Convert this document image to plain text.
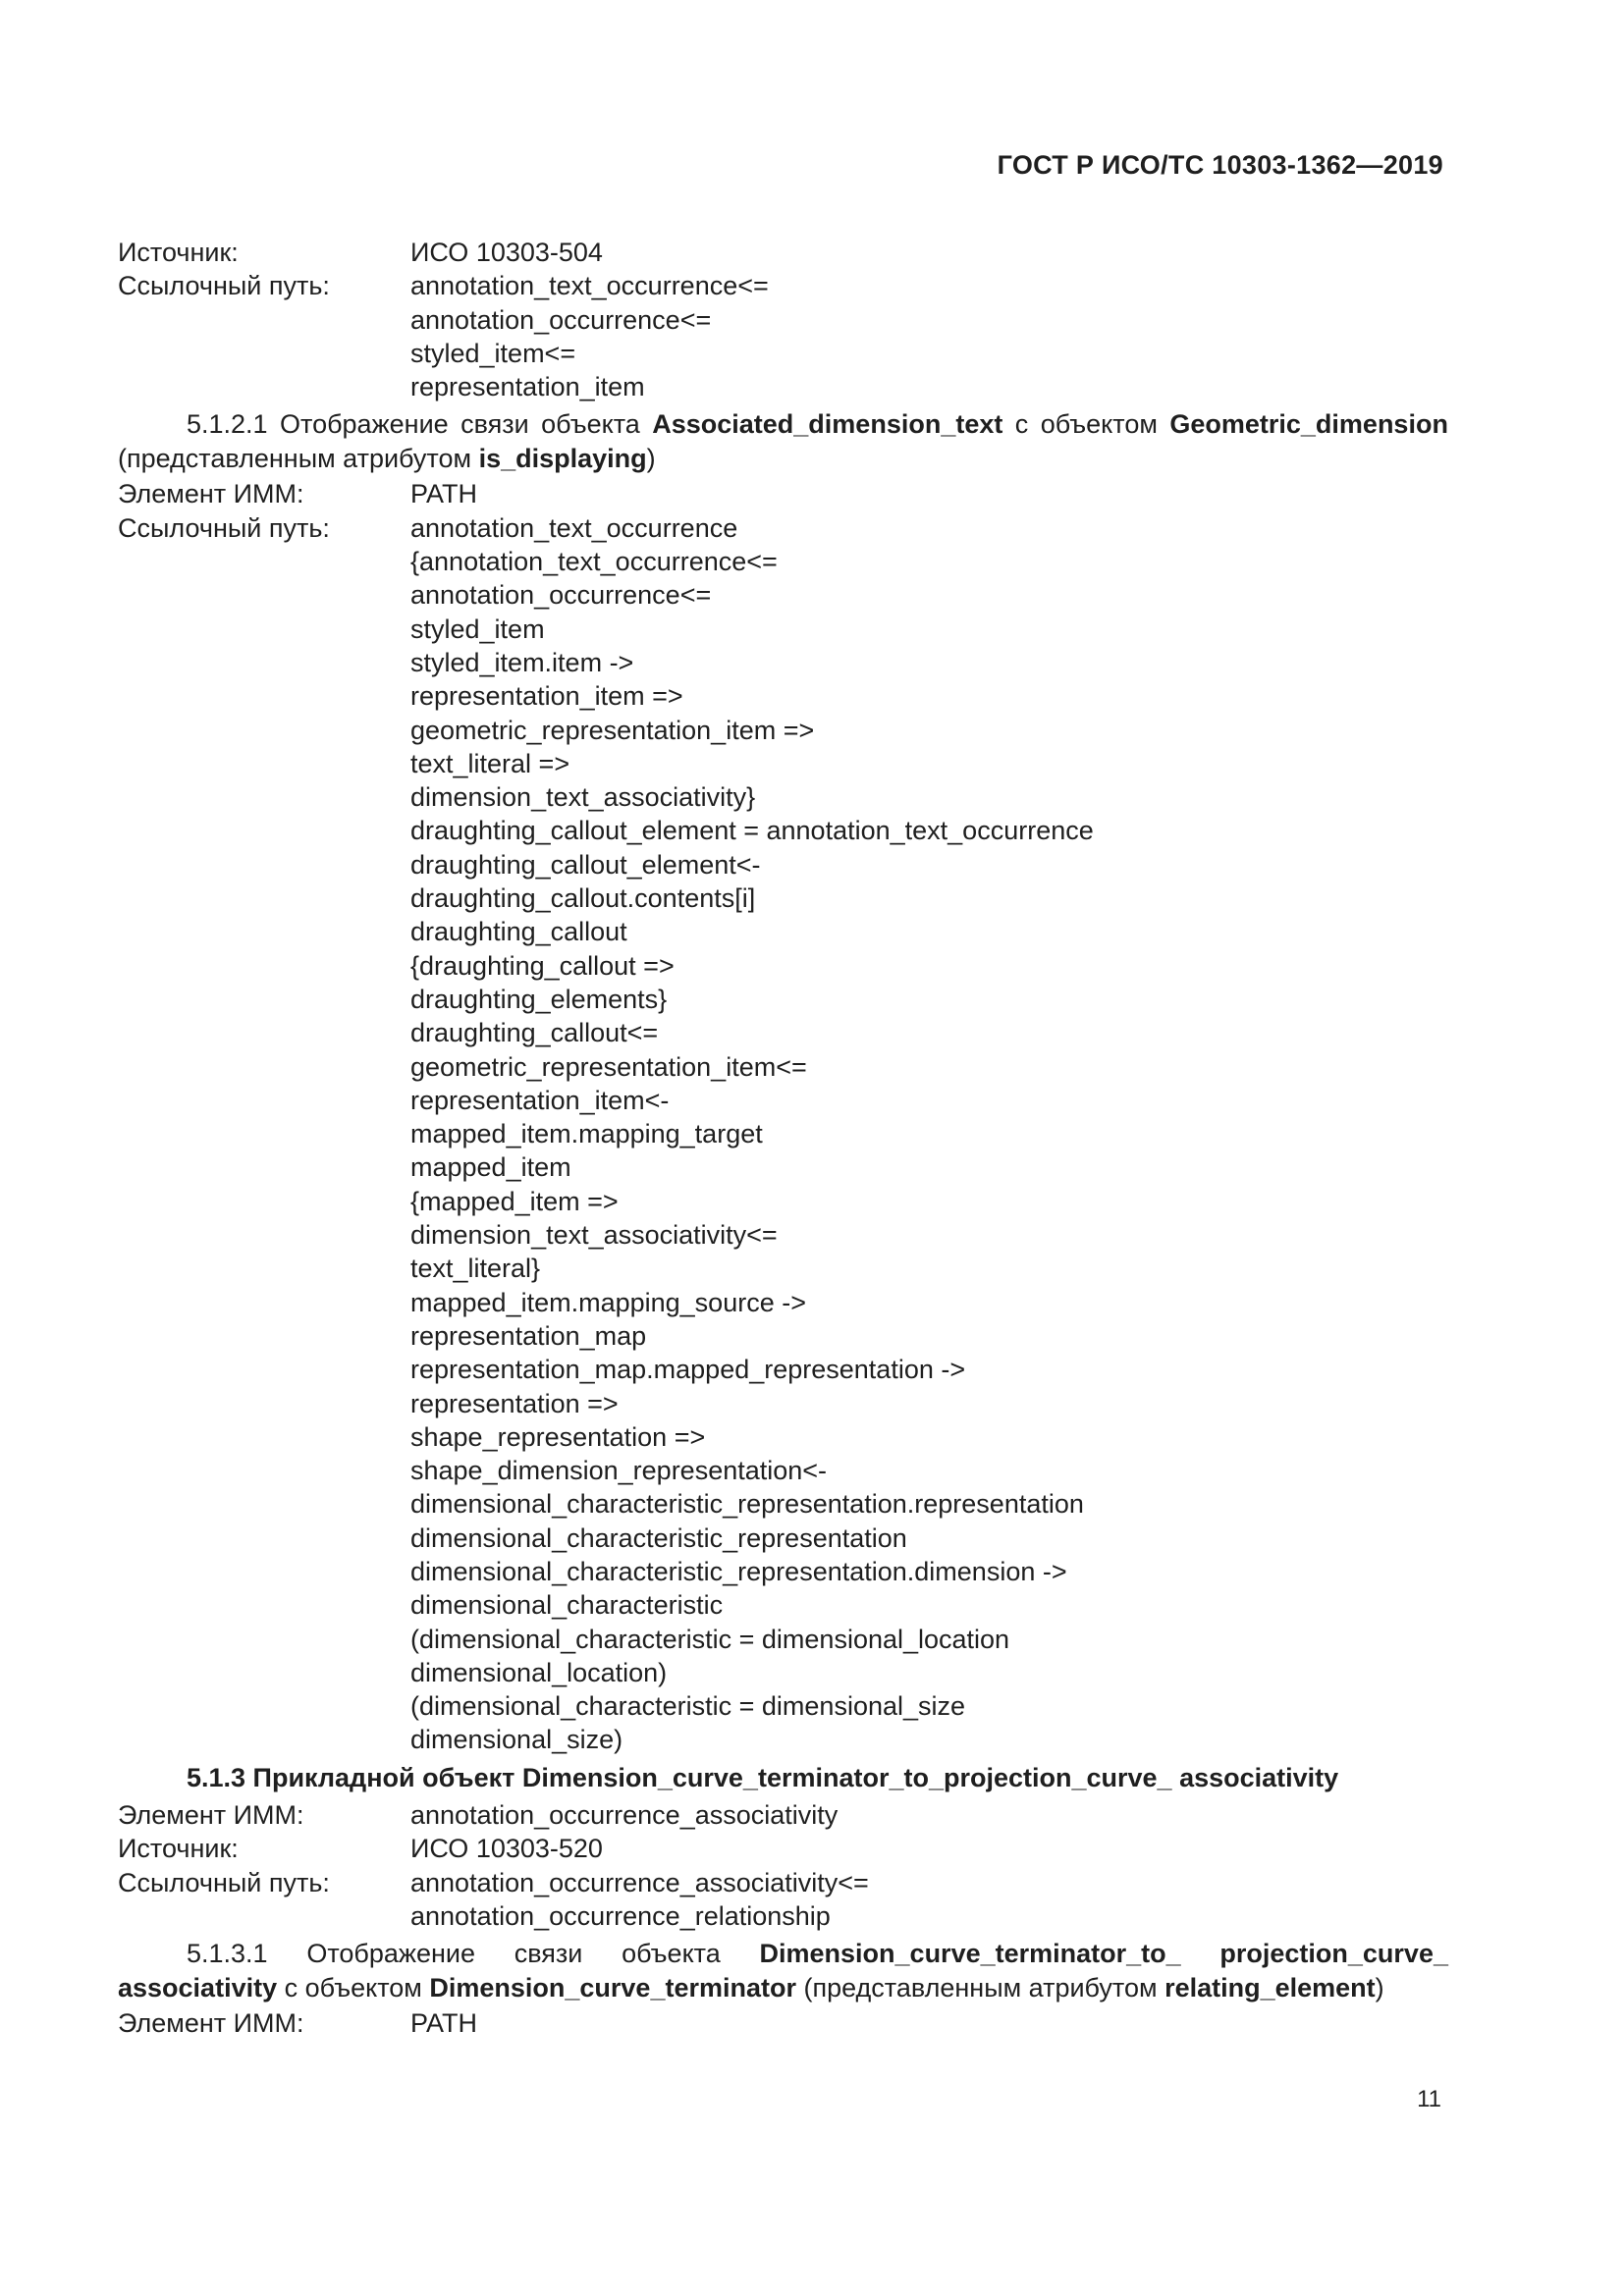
ГОСТ Р ИСО/ТС 10303-1362—2019
Источник:	ИСО 10303-504
Ссылочный путь:	annotation_text_occurrence<=
annotation_occurrence<=
styled_item<=
representation_item
5.1.2.1 Отображение связи объекта Associated_dimension_text с объектом Geometric_dimension (представленным атрибутом is_displaying)
Элемент ИММ:	PATH
Ссылочный путь:	annotation_text_occurrence
{annotation_text_occurrence<=
annotation_occurrence<=
styled_item
styled_item.item ->
representation_item =>
geometric_representation_item =>
text_literal =>
dimension_text_associativity}
draughting_callout_element = annotation_text_occurrence
draughting_callout_element<-
draughting_callout.contents[i]
draughting_callout
{draughting_callout =>
draughting_elements}
draughting_callout<=
geometric_representation_item<=
representation_item<-
mapped_item.mapping_target
mapped_item
{mapped_item =>
dimension_text_associativity<=
text_literal}
mapped_item.mapping_source ->
representation_map
representation_map.mapped_representation ->
representation =>
shape_representation =>
shape_dimension_representation<-
dimensional_characteristic_representation.representation
dimensional_characteristic_representation
dimensional_characteristic_representation.dimension ->
dimensional_characteristic
(dimensional_characteristic = dimensional_location
dimensional_location)
(dimensional_characteristic = dimensional_size
dimensional_size)
5.1.3 Прикладной объект Dimension_curve_terminator_to_projection_curve_ associativity
Элемент ИММ:	annotation_occurrence_associativity
Источник:	ИСО 10303-520
Ссылочный путь:	annotation_occurrence_associativity<=
annotation_occurrence_relationship
5.1.3.1 Отображение связи объекта Dimension_curve_terminator_to_ projection_curve_ associativity с объектом Dimension_curve_terminator (представленным атрибутом relating_element)
Элемент ИММ:	PATH
11
